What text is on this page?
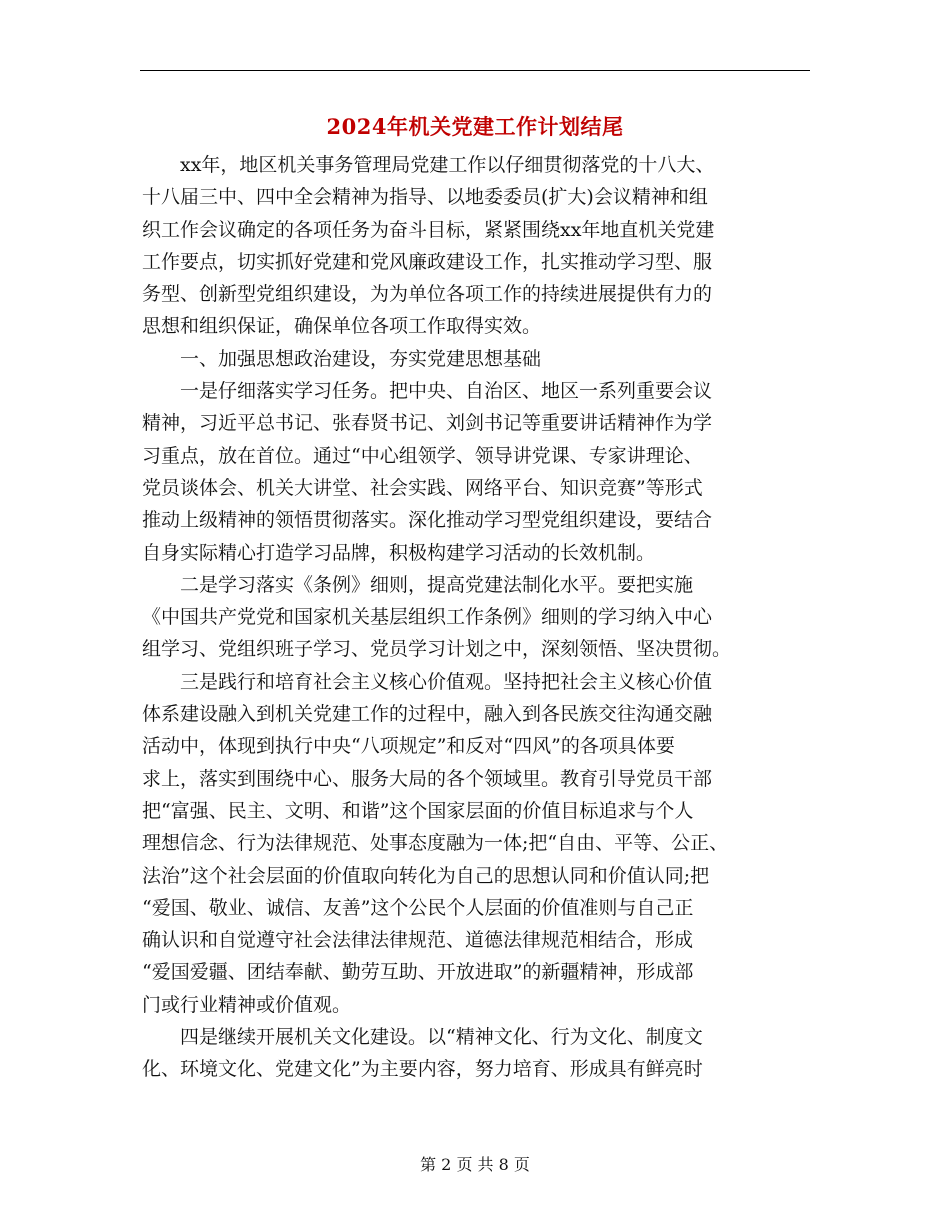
2024年机关党建工作计划结尾
xx年，地区机关事务管理局党建工作以仔细贯彻落党的十八大、
十八届三中、四中全会精神为指导、以地委委员(扩大)会议精神和组
织工作会议确定的各项任务为奋斗目标，紧紧围绕xx年地直机关党建
工作要点，切实抓好党建和党风廉政建设工作，扎实推动学习型、服
务型、创新型党组织建设，为为单位各项工作的持续进展提供有力的
思想和组织保证，确保单位各项工作取得实效。
一、加强思想政治建设，夯实党建思想基础
一是仔细落实学习任务。把中央、自治区、地区一系列重要会议
精神，习近平总书记、张春贤书记、刘剑书记等重要讲话精神作为学
习重点，放在首位。通过“中心组领学、领导讲党课、专家讲理论、
党员谈体会、机关大讲堂、社会实践、网络平台、知识竞赛”等形式
推动上级精神的领悟贯彻落实。深化推动学习型党组织建设，要结合
自身实际精心打造学习品牌，积极构建学习活动的长效机制。
二是学习落实《条例》细则，提高党建法制化水平。要把实施
《中国共产党党和国家机关基层组织工作条例》细则的学习纳入中心
组学习、党组织班子学习、党员学习计划之中，深刻领悟、坚决贯彻。
三是践行和培育社会主义核心价值观。坚持把社会主义核心价值
体系建设融入到机关党建工作的过程中，融入到各民族交往沟通交融
活动中，体现到执行中央“八项规定”和反对“四风”的各项具体要
求上，落实到围绕中心、服务大局的各个领域里。教育引导党员干部
把“富强、民主、文明、和谐”这个国家层面的价值目标追求与个人
理想信念、行为法律规范、处事态度融为一体;把“自由、平等、公正、
法治”这个社会层面的价值取向转化为自己的思想认同和价值认同;把
“爱国、敬业、诚信、友善”这个公民个人层面的价值准则与自己正
确认识和自觉遵守社会法律法律规范、道德法律规范相结合，形成
“爱国爱疆、团结奉献、勤劳互助、开放进取”的新疆精神，形成部
门或行业精神或价值观。
四是继续开展机关文化建设。以“精神文化、行为文化、制度文
化、环境文化、党建文化”为主要内容，努力培育、形成具有鲜亮时
第 2 页 共 8 页
